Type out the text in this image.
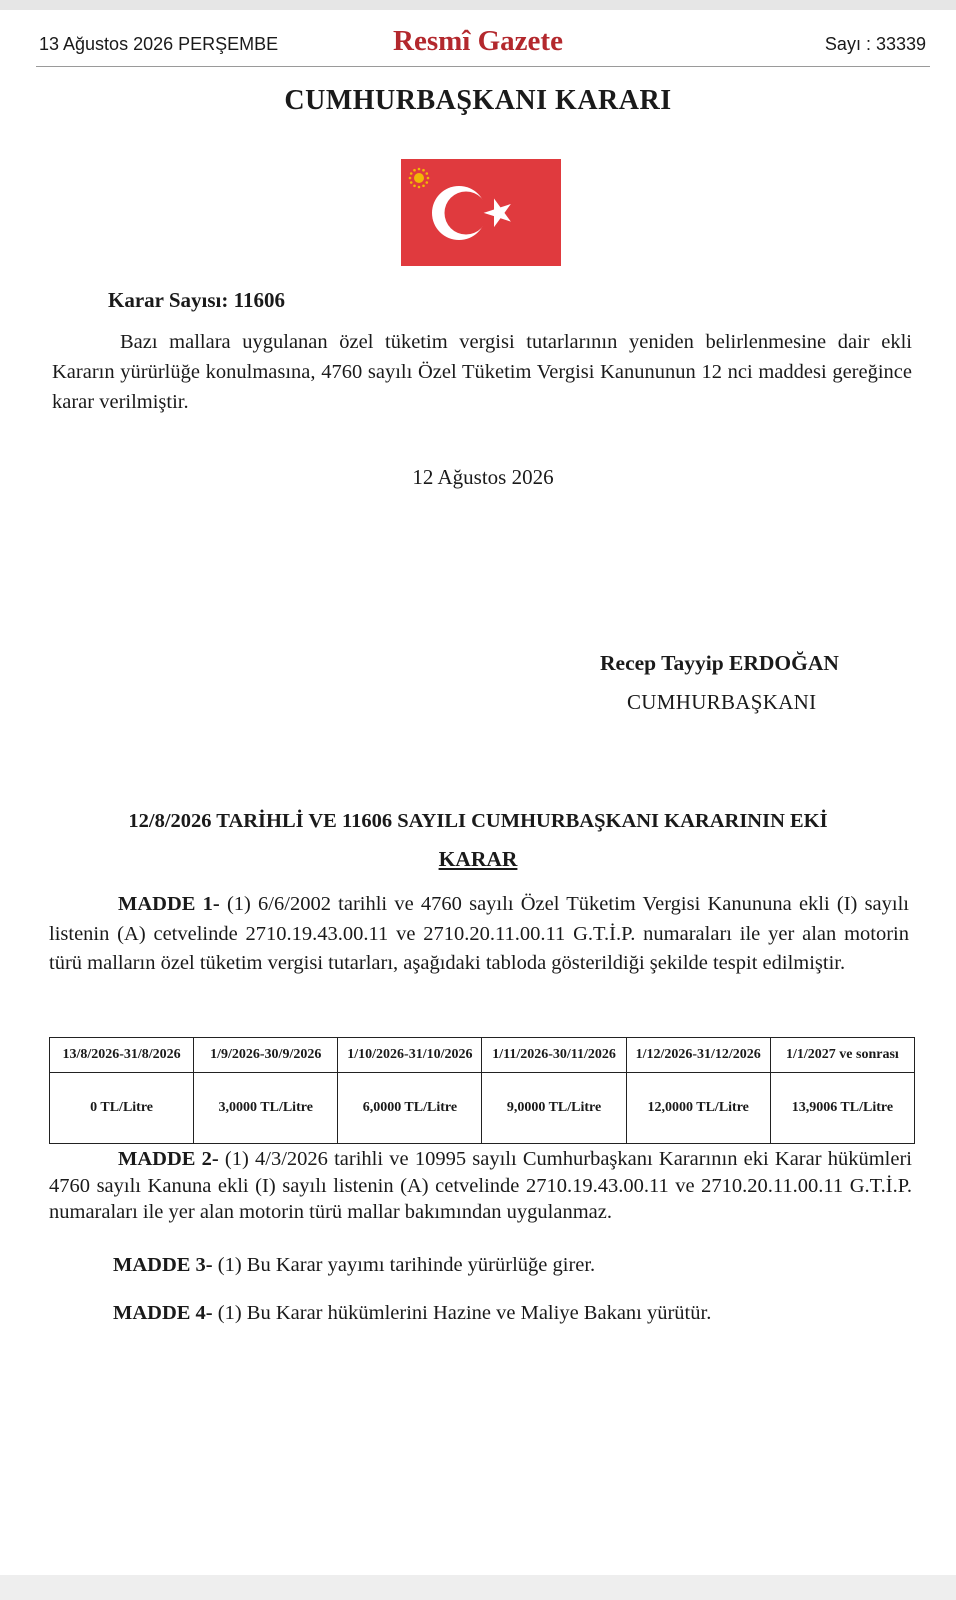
13 Ağustos 2026 PERŞEMBE	Resmî Gazete	Sayı : 33339
CUMHURBAŞKANI KARARI
Karar Sayısı: 11606
Bazı mallara uygulanan özel tüketim vergisi tutarlarının yeniden belirlenmesine dair ekli Kararın yürürlüğe konulmasına, 4760 sayılı Özel Tüketim Vergisi Kanununun 12 nci maddesi gereğince karar verilmiştir.
12 Ağustos 2026
Recep Tayyip ERDOĞAN
CUMHURBAŞKANI
12/8/2026 TARİHLİ VE 11606 SAYILI CUMHURBAŞKANI KARARININ EKİ
KARAR
MADDE 1- (1) 6/6/2002 tarihli ve 4760 sayılı Özel Tüketim Vergisi Kanununa ekli (I) sayılı listenin (A) cetvelinde 2710.19.43.00.11 ve 2710.20.11.00.11 G.T.İ.P. numaraları ile yer alan motorin türü malların özel tüketim vergisi tutarları, aşağıdaki tabloda gösterildiği şekilde tespit edilmiştir.
13/8/2026-31/8/2026	1/9/2026-30/9/2026	1/10/2026-31/10/2026	1/11/2026-30/11/2026	1/12/2026-31/12/2026	1/1/2027 ve sonrası
0 TL/Litre	3,0000 TL/Litre	6,0000 TL/Litre	9,0000 TL/Litre	12,0000 TL/Litre	13,9006 TL/Litre
MADDE 2- (1) 4/3/2026 tarihli ve 10995 sayılı Cumhurbaşkanı Kararının eki Karar hükümleri 4760 sayılı Kanuna ekli (I) sayılı listenin (A) cetvelinde 2710.19.43.00.11 ve 2710.20.11.00.11 G.T.İ.P. numaraları ile yer alan motorin türü mallar bakımından uygulanmaz.
MADDE 3- (1) Bu Karar yayımı tarihinde yürürlüğe girer.
MADDE 4- (1) Bu Karar hükümlerini Hazine ve Maliye Bakanı yürütür.
